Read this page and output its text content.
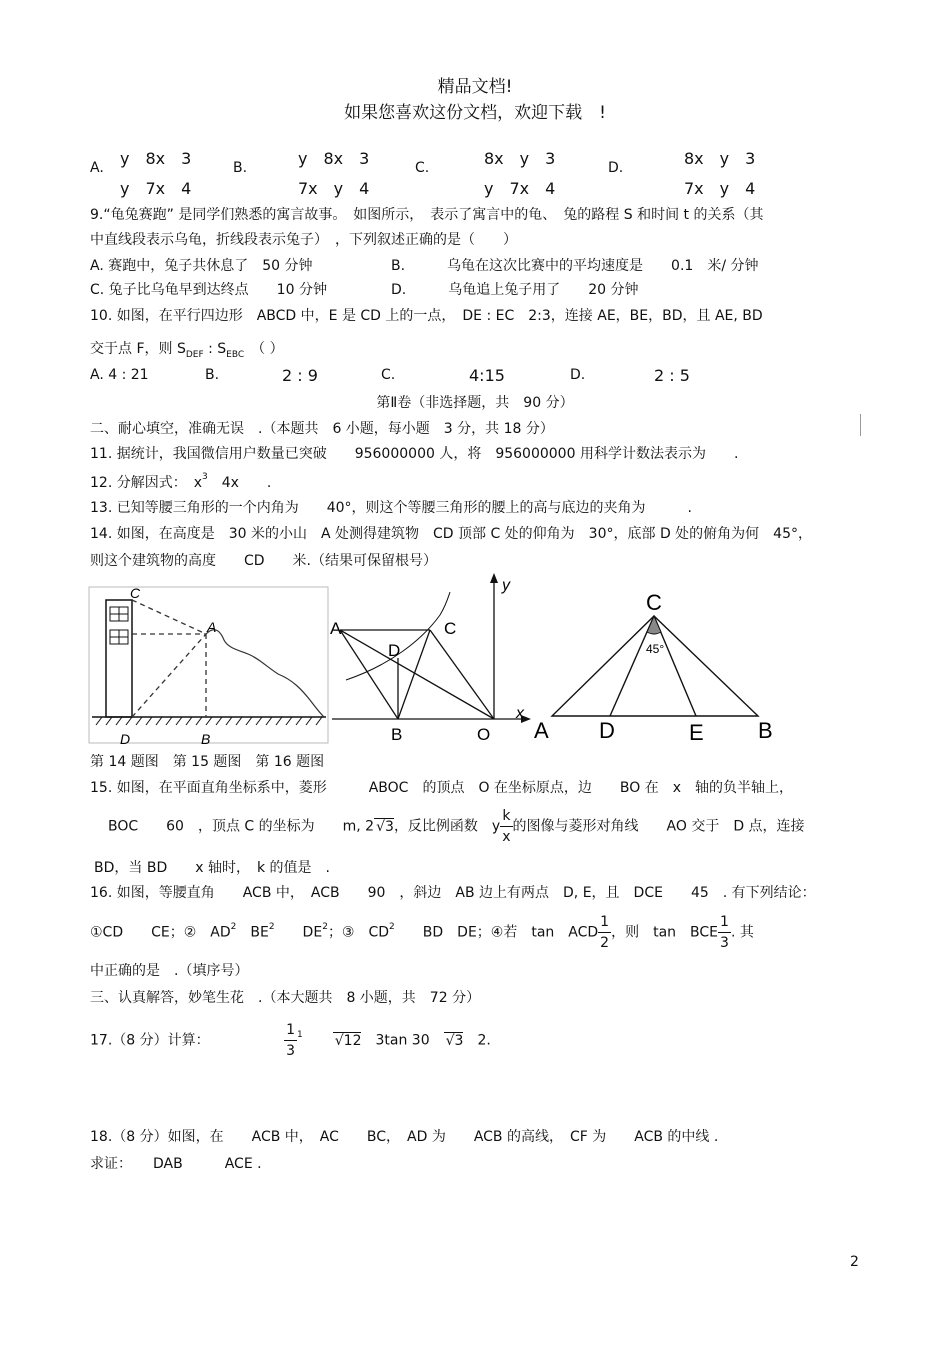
精品文档!
如果您喜欢这份文档，欢迎下载　!
A. y　8x　3
y　7x　4
B.	y　8x　3
7x　y　4
C.	8x　y　3
y　7x　4
D.	8x　y　3
7x　y　4
9.“龟兔赛跑” 是同学们熟悉的寓言故事。　如图所示，　表示了寓言中的龟、　兔的路程 S 和时间 t 的关系（其
中直线段表示乌龟，折线段表示兔子）　，下列叙述正确的是（　　）
A. 赛跑中，兔子共休息了　50 分钟	B.　　　乌龟在这次比赛中的平均速度是　　0.1　米/ 分钟
C. 兔子比乌龟早到达终点　　10 分钟	D.　　　乌龟追上兔子用了　　20 分钟
10. 如图，在平行四边形　ABCD 中，E 是 CD 上的一点，　DE : EC　2:3，连接 AE，BE，BD，且 AE, BD
交于点 F，则 $S_{DEF}$ : $S_{EBC}$　（ ）
A. 4 : 21	B.	2 : 9	C.	4:15	D.	2 : 5
第Ⅱ卷（非选择题，共　90 分）
二、耐心填空，准确无误　.（本题共　6 小题，每小题　3 分，共 18 分）
11. 据统计，我国微信用户数量已突破　　956000000 人，将　956000000 用科学计数法表示为　　.
12. 分解因式：　$x^3$　4x　　.
13. 已知等腰三角形的一个内角为　　40°，则这个等腰三角形的腰上的高与底边的夹角为　　　.
14. 如图，在高度是　30 米的小山　A 处测得建筑物　CD 顶部 C 处的仰角为　30°，底部 D 处的俯角为何　45°，
则这个建筑物的高度　　CD　　米.（结果可保留根号）
C
A
D	B
A	C
D
B	O
x
y
C
45°
A D	E B
第 14 题图　第 15 题图　第 16 题图
15. 如图，在平面直角坐标系中，菱形　　　ABOC　的顶点　O 在坐标原点，边　　BO 在　x　轴的负半轴上，
BOC　　60　，顶点 C 的坐标为　　m, 2 √3，反比例函数　y $\frac{k}{x}$ 的图像与菱形对角线　　AO 交于　D 点，连接
BD，当 BD　　x 轴时，　k 的值是　.
16. 如图，等腰直角　　ACB 中，　ACB　　90　，斜边　AB 边上有两点　D, E，且　DCE　　45　. 有下列结论：
①CD　　CE；②　$AD^2$　$BE^2$　　$DE^2$；③　$CD^2$　　BD　DE；④若　tan　ACD $\frac{1}{2}$ ，则　tan　BCE $\frac{1}{3}$ . 其
中正确的是　.（填序号）
三、认真解答，妙笔生花　.（本大题共　8 小题，共　72 分）
17.（8 分）计算：	$\frac{1}{3} ^1$ √12　3tan 30　√3　2.
18.（8 分）如图，在　　ACB 中，　AC　　BC，　AD 为　　ACB 的高线，　CF 为　　ACB 的中线 .
求证：　　DAB　　　ACE .
2
